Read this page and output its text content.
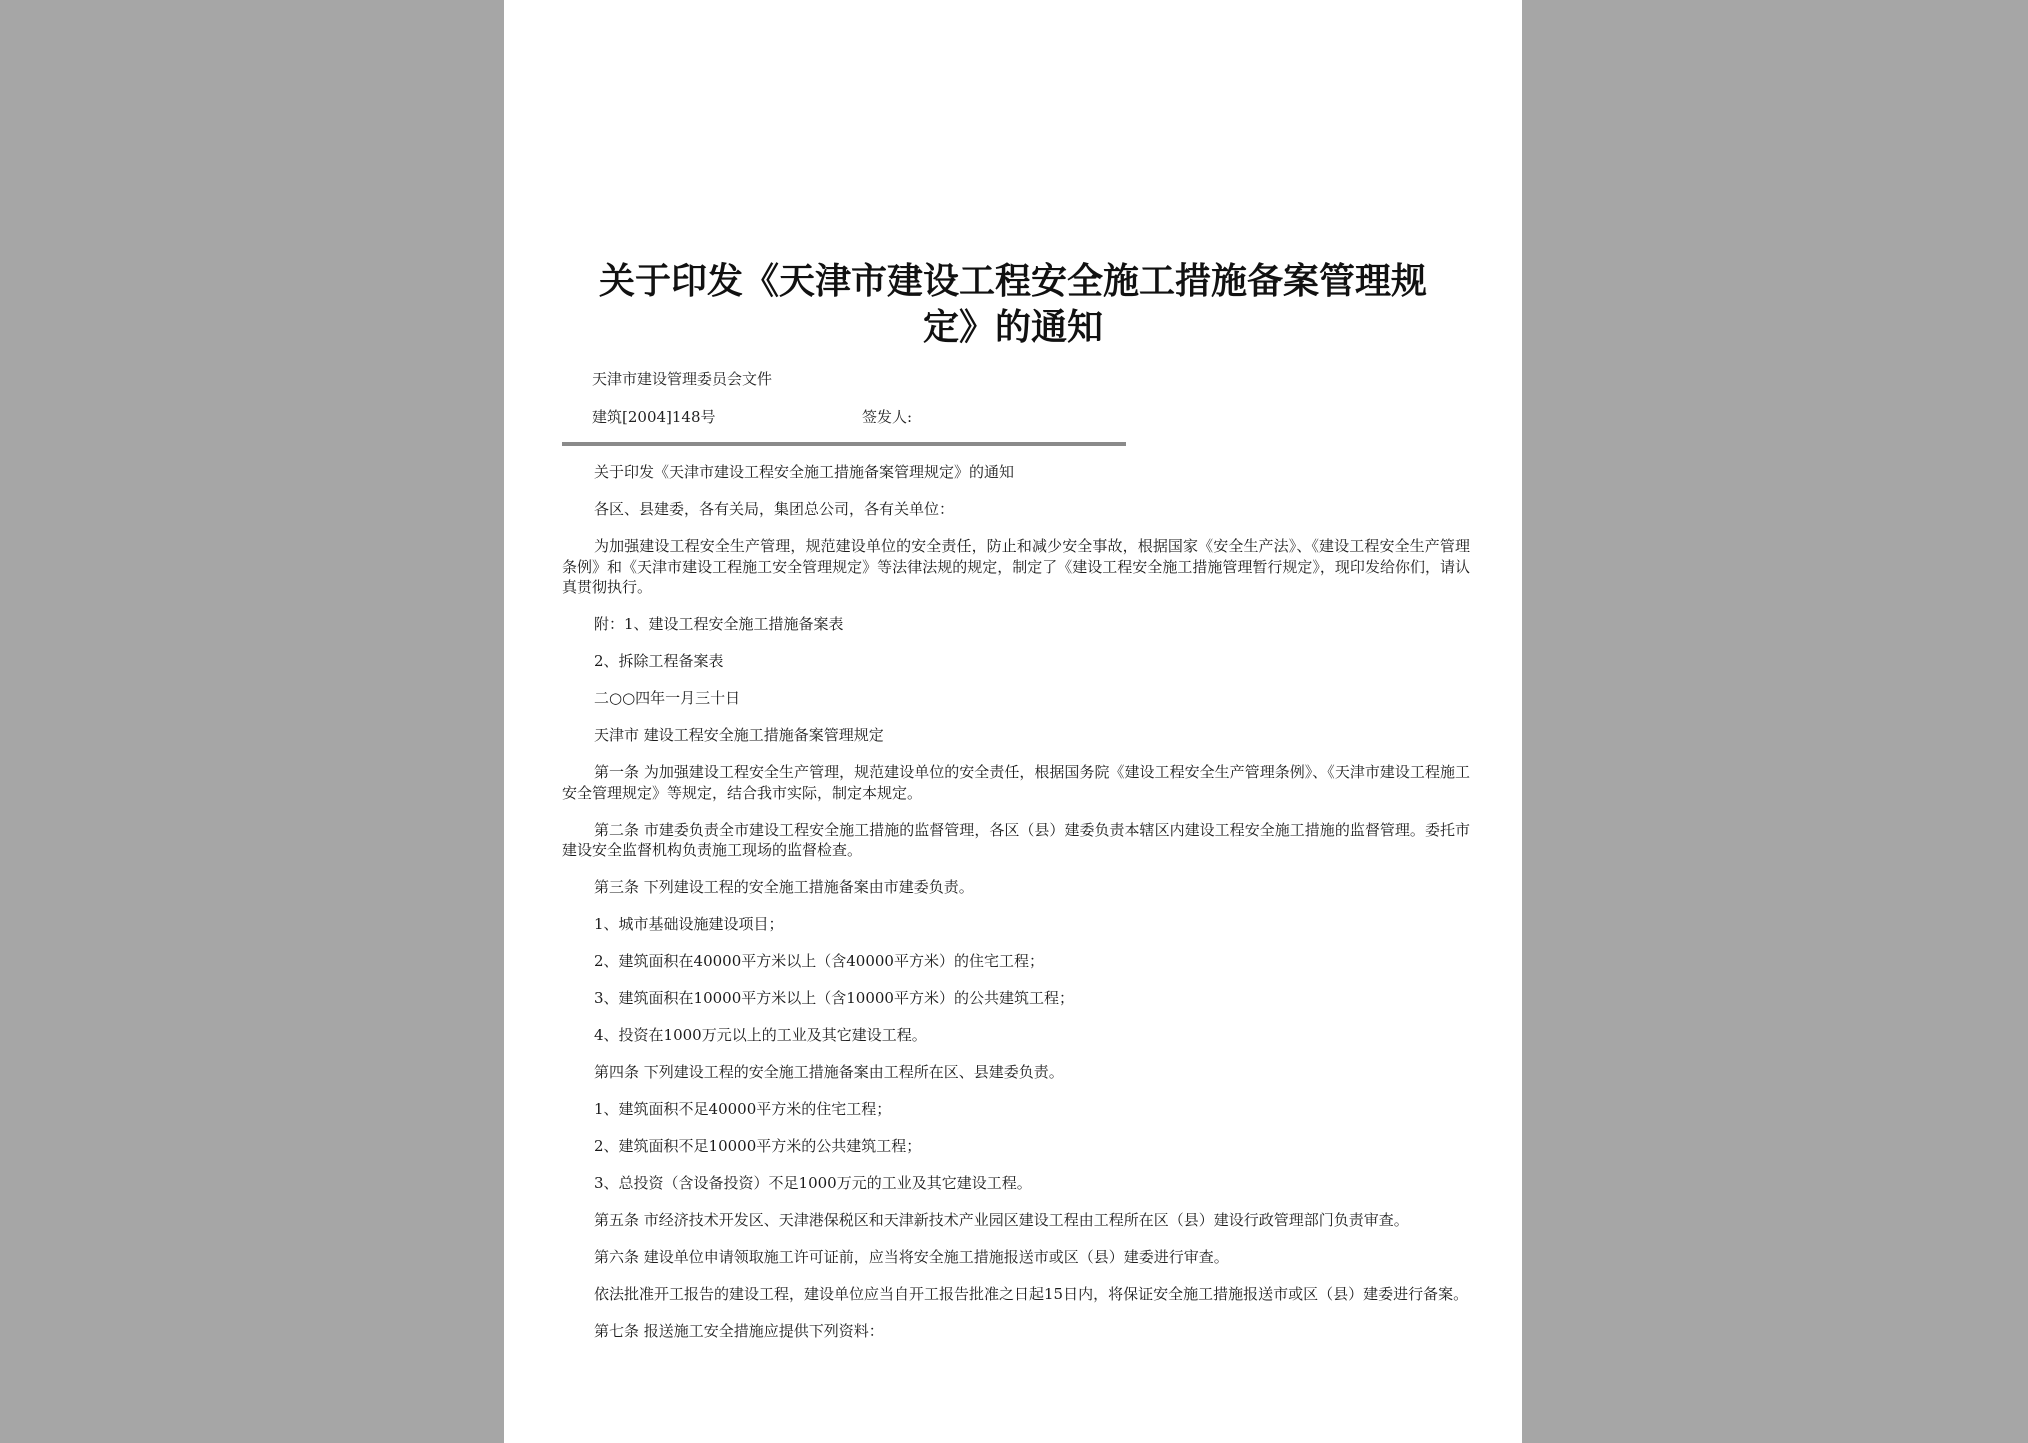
关于印发《天津市建设工程安全施工措施备案管理规
定》的通知
天津市建设管理委员会文件
建筑[2004]148号	签发人:

关于印发《天津市建设工程安全施工措施备案管理规定》的通知

各区、县建委，各有关局，集团总公司，各有关单位：

为加强建设工程安全生产管理，规范建设单位的安全责任，防止和减少安全事故，根据国家《安全生产法》、《建设工程安全生产管理条例》和《天津市建设工程施工安全管理规定》等法律法规的规定，制定了《建设工程安全施工措施管理暂行规定》，现印发给你们，请认真贯彻执行。

附：1、建设工程安全施工措施备案表

2、拆除工程备案表

二○○四年一月三十日

天津市 建设工程安全施工措施备案管理规定

第一条 为加强建设工程安全生产管理，规范建设单位的安全责任，根据国务院《建设工程安全生产管理条例》、《天津市建设工程施工安全管理规定》等规定，结合我市实际，制定本规定。

第二条 市建委负责全市建设工程安全施工措施的监督管理，各区（县）建委负责本辖区内建设工程安全施工措施的监督管理。委托市建设安全监督机构负责施工现场的监督检查。

第三条 下列建设工程的安全施工措施备案由市建委负责。

1、城市基础设施建设项目；

2、建筑面积在40000平方米以上（含40000平方米）的住宅工程；

3、建筑面积在10000平方米以上（含10000平方米）的公共建筑工程；

4、投资在1000万元以上的工业及其它建设工程。

第四条 下列建设工程的安全施工措施备案由工程所在区、县建委负责。

1、建筑面积不足40000平方米的住宅工程；

2、建筑面积不足10000平方米的公共建筑工程；

3、总投资（含设备投资）不足1000万元的工业及其它建设工程。

第五条 市经济技术开发区、天津港保税区和天津新技术产业园区建设工程由工程所在区（县）建设行政管理部门负责审查。

第六条 建设单位申请领取施工许可证前，应当将安全施工措施报送市或区（县）建委进行审查。

依法批准开工报告的建设工程，建设单位应当自开工报告批准之日起15日内，将保证安全施工措施报送市或区（县）建委进行备案。

第七条 报送施工安全措施应提供下列资料：
